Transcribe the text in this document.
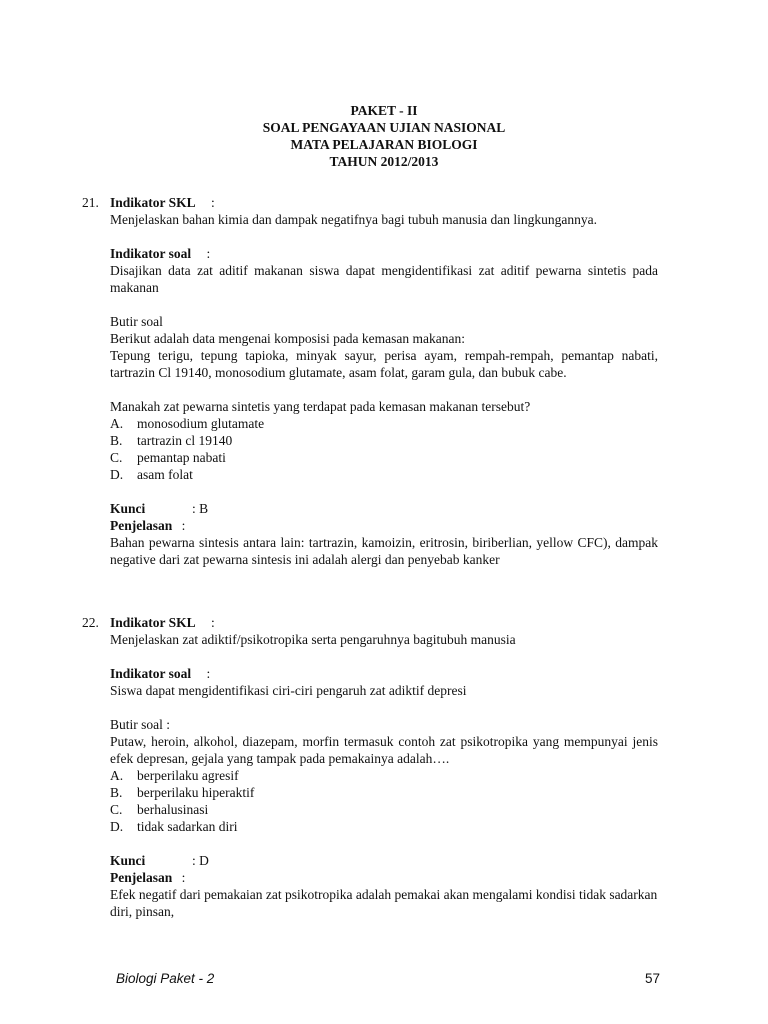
PAKET - II
SOAL PENGAYAAN UJIAN NASIONAL
MATA PELAJARAN BIOLOGI
TAHUN 2012/2013
21. Indikator SKL :
Menjelaskan bahan kimia dan dampak negatifnya bagi tubuh manusia dan lingkungannya.
Indikator soal :
Disajikan data zat aditif makanan siswa dapat mengidentifikasi zat aditif pewarna sintetis pada makanan
Butir soal
Berikut adalah data mengenai komposisi pada kemasan makanan:
Tepung terigu, tepung tapioka, minyak sayur, perisa ayam, rempah-rempah, pemantap nabati, tartrazin Cl 19140, monosodium glutamate, asam folat, garam gula, dan bubuk cabe.
Manakah zat pewarna sintetis yang terdapat pada kemasan makanan tersebut?
A.	monosodium glutamate
B.	tartrazin cl 19140
C.	pemantap nabati
D.	asam folat
Kunci	: B
Penjelasan :
Bahan pewarna sintesis antara lain: tartrazin, kamoizin, eritrosin, biriberlian, yellow CFC), dampak negative dari zat pewarna sintesis ini adalah alergi dan penyebab kanker
22. Indikator SKL :
Menjelaskan zat adiktif/psikotropika serta pengaruhnya bagitubuh manusia
Indikator soal :
Siswa dapat mengidentifikasi ciri-ciri pengaruh zat adiktif depresi
Butir soal :
Putaw, heroin, alkohol, diazepam, morfin termasuk contoh zat psikotropika yang mempunyai jenis efek depresan, gejala yang tampak pada pemakainya adalah….
A.	berperilaku agresif
B.	berperilaku hiperaktif
C.	berhalusinasi
D.	tidak sadarkan diri
Kunci	: D
Penjelasan :
Efek negatif dari pemakaian zat psikotropika adalah pemakai akan mengalami kondisi tidak sadarkan diri, pinsan,
Biologi Paket - 2	57
